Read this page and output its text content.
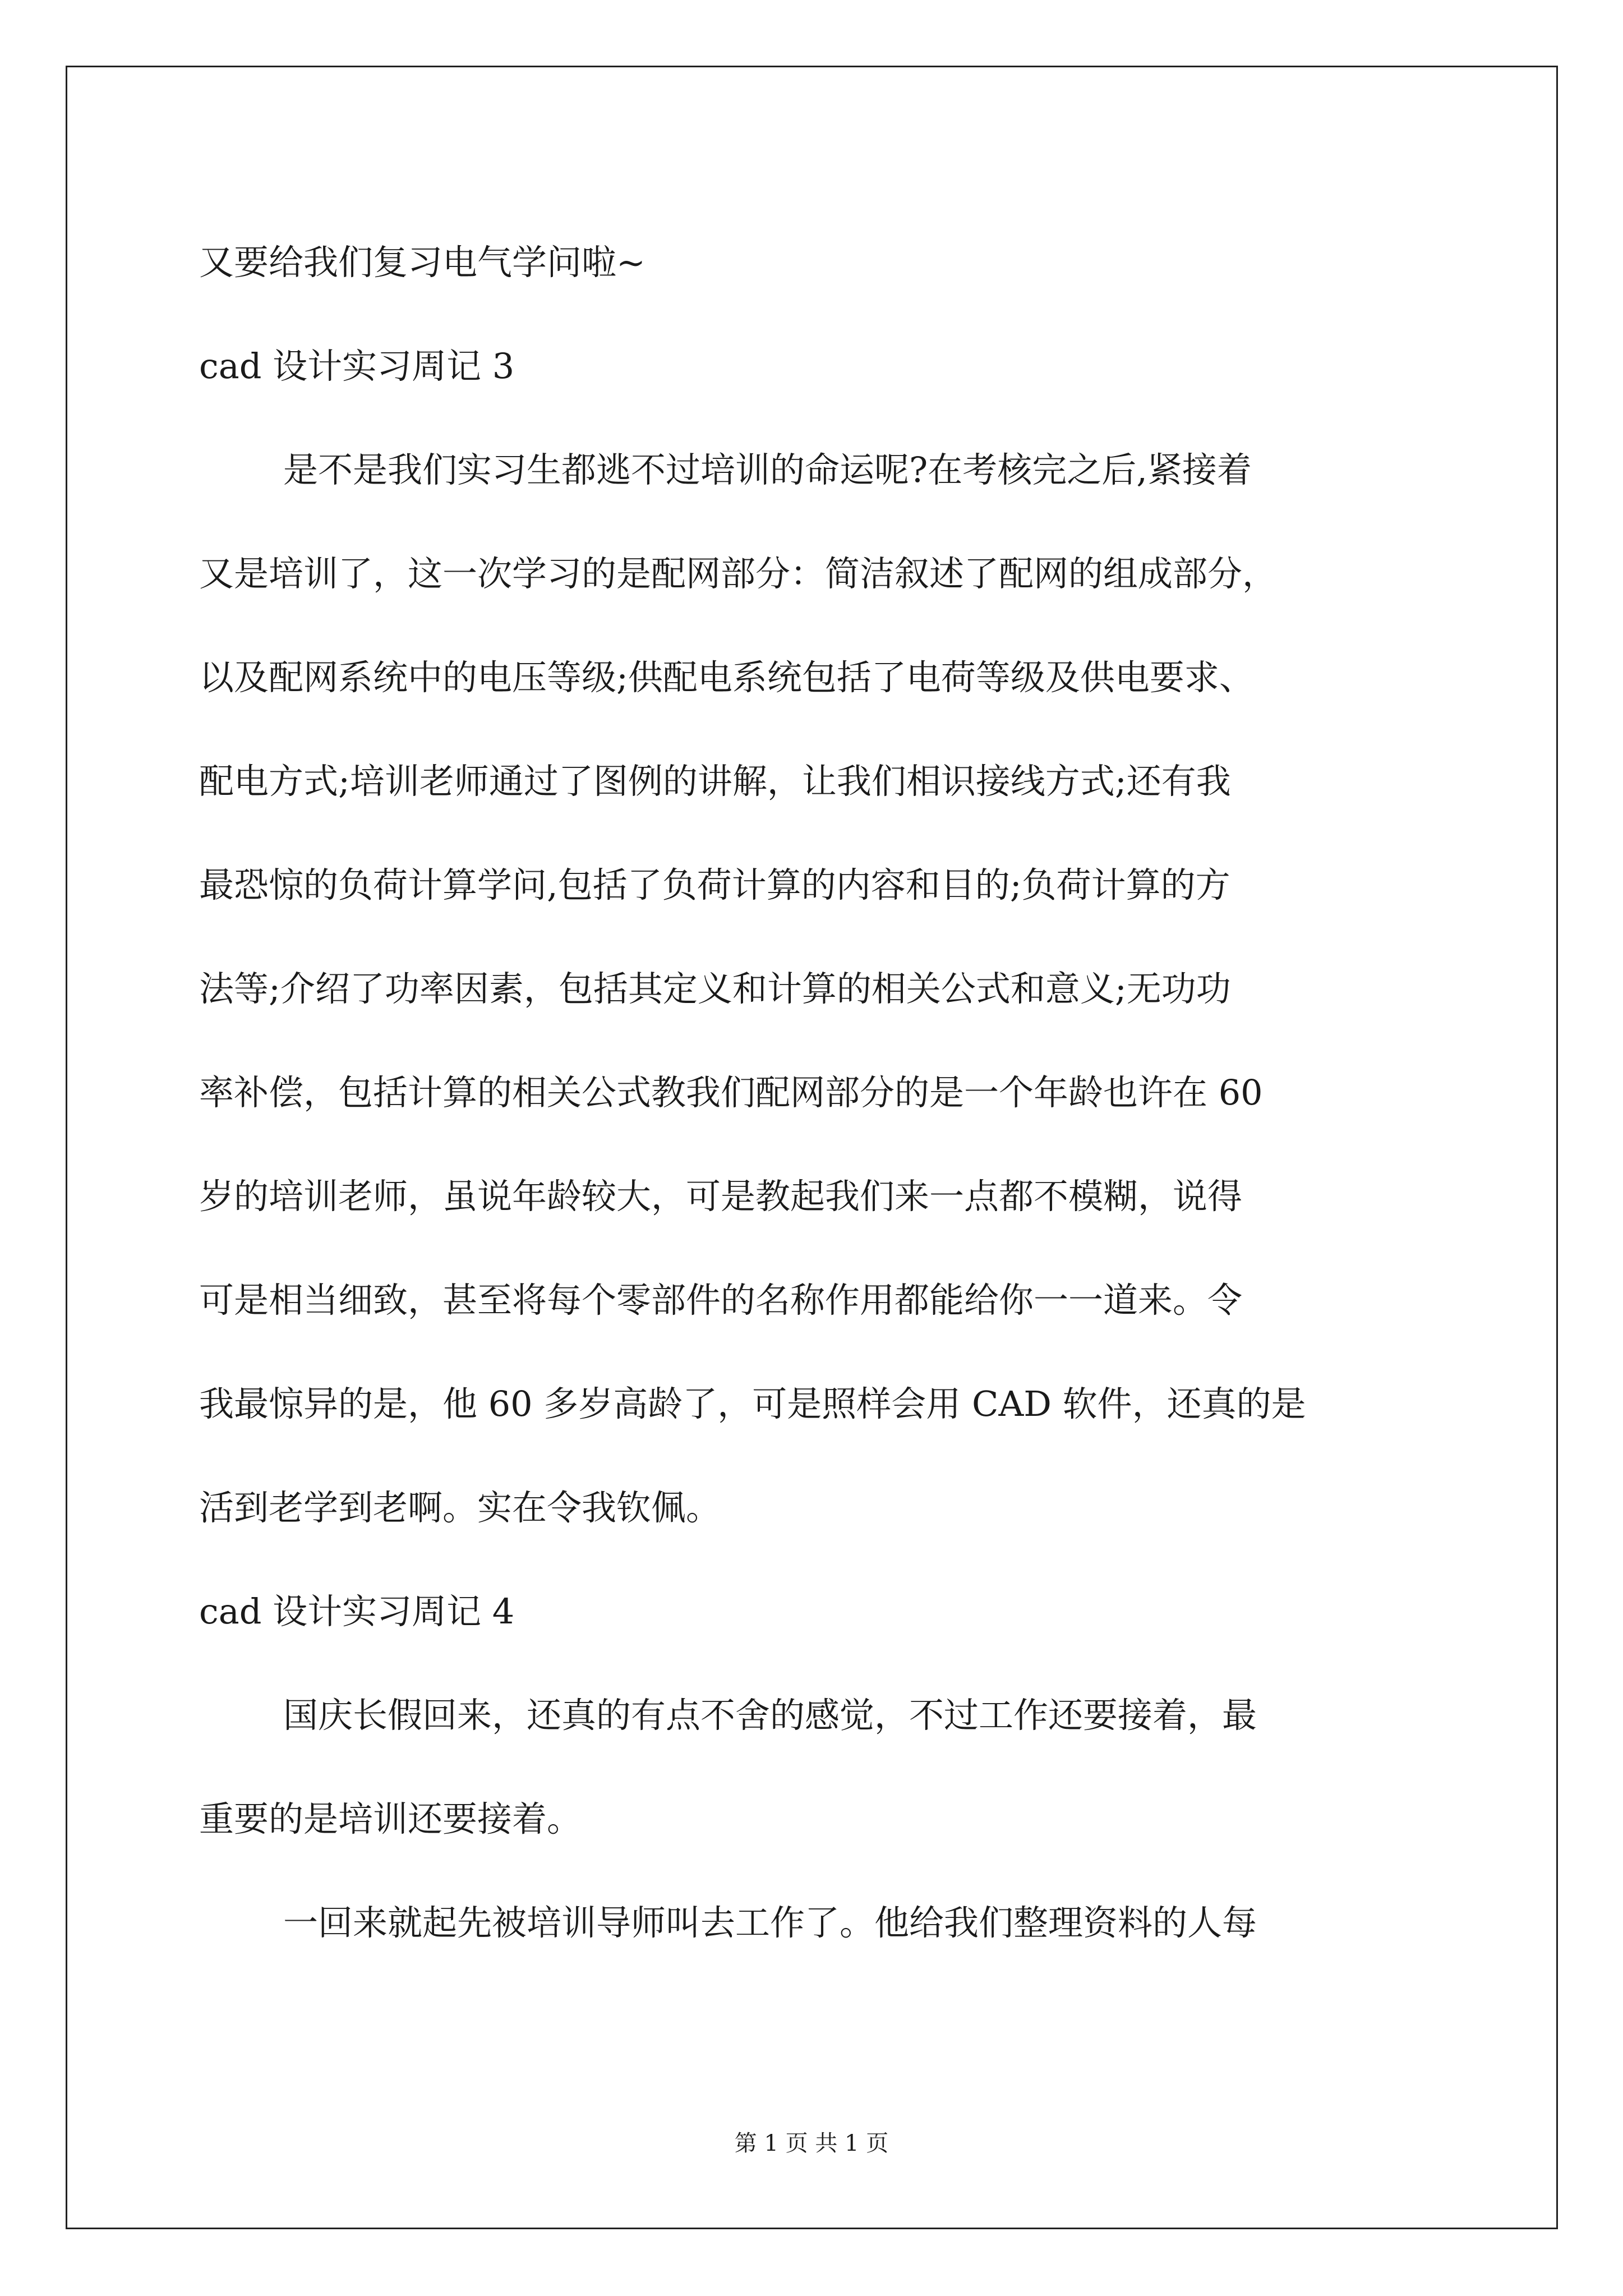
又要给我们复习电气学问啦~
cad 设计实习周记 3
是不是我们实习生都逃不过培训的命运呢?在考核完之后,紧接着
又是培训了，这一次学习的是配网部分：简洁叙述了配网的组成部分，
以及配网系统中的电压等级;供配电系统包括了电荷等级及供电要求、
配电方式;培训老师通过了图例的讲解，让我们相识接线方式;还有我
最恐惊的负荷计算学问,包括了负荷计算的内容和目的;负荷计算的方
法等;介绍了功率因素，包括其定义和计算的相关公式和意义;无功功
率补偿，包括计算的相关公式教我们配网部分的是一个年龄也许在 60
岁的培训老师，虽说年龄较大，可是教起我们来一点都不模糊，说得
可是相当细致，甚至将每个零部件的名称作用都能给你一一道来。令
我最惊异的是，他 60 多岁高龄了，可是照样会用 CAD 软件，还真的是
活到老学到老啊。实在令我钦佩。
cad 设计实习周记 4
国庆长假回来，还真的有点不舍的感觉，不过工作还要接着，最
重要的是培训还要接着。
一回来就起先被培训导师叫去工作了。他给我们整理资料的人每
第 1 页 共 1 页
